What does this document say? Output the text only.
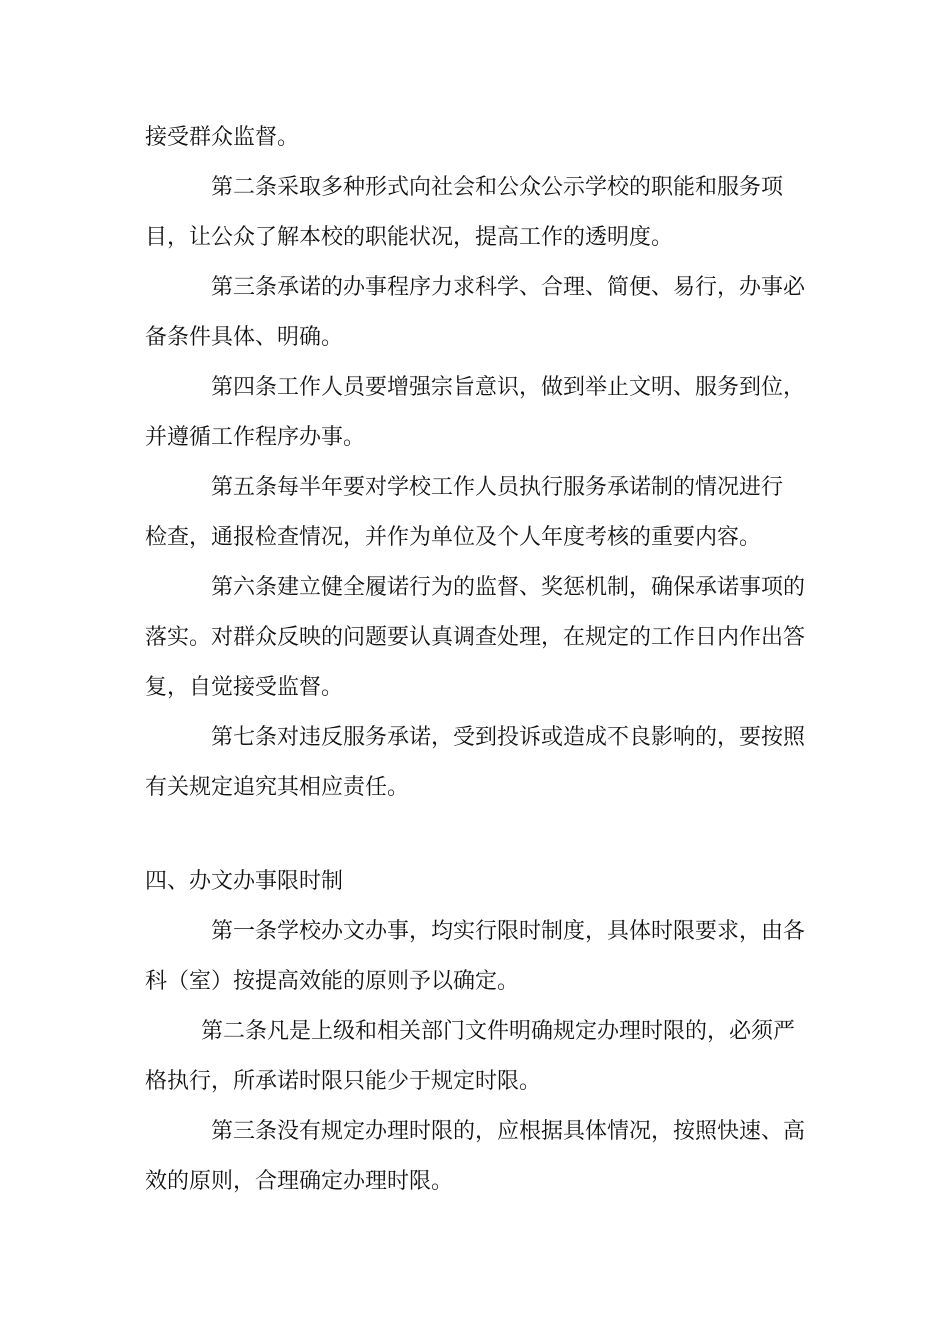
接受群众监督。
第二条采取多种形式向社会和公众公示学校的职能和服务项
目，让公众了解本校的职能状况，提高工作的透明度。
第三条承诺的办事程序力求科学、合理、简便、易行，办事必
备条件具体、明确。
第四条工作人员要增强宗旨意识，做到举止文明、服务到位，
并遵循工作程序办事。
第五条每半年要对学校工作人员执行服务承诺制的情况进行
检查，通报检查情况，并作为单位及个人年度考核的重要内容。
第六条建立健全履诺行为的监督、奖惩机制，确保承诺事项的
落实。对群众反映的问题要认真调查处理，在规定的工作日内作出答
复，自觉接受监督。
第七条对违反服务承诺，受到投诉或造成不良影响的，要按照
有关规定追究其相应责任。
四、办文办事限时制
第一条学校办文办事，均实行限时制度，具体时限要求，由各
科（室）按提高效能的原则予以确定。
第二条凡是上级和相关部门文件明确规定办理时限的，必须严
格执行，所承诺时限只能少于规定时限。
第三条没有规定办理时限的，应根据具体情况，按照快速、高
效的原则，合理确定办理时限。
